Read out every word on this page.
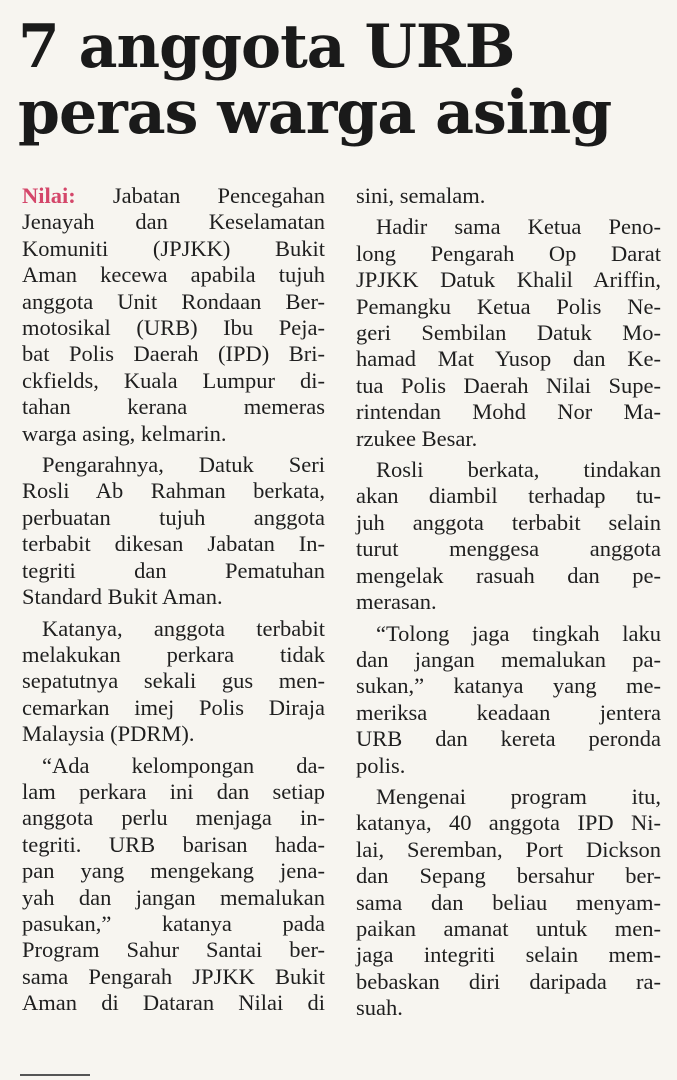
7 anggota URB
peras warga asing

Nilai: Jabatan Pencegahan
Jenayah dan Keselamatan
Komuniti (JPJKK) Bukit
Aman kecewa apabila tujuh
anggota Unit Rondaan Ber-
motosikal (URB) Ibu Peja-
bat Polis Daerah (IPD) Bri-
ckfields, Kuala Lumpur di-
tahan kerana memeras
warga asing, kelmarin.

Pengarahnya, Datuk Seri
Rosli Ab Rahman berkata,
perbuatan tujuh anggota
terbabit dikesan Jabatan In-
tegriti dan Pematuhan
Standard Bukit Aman.

Katanya, anggota terbabit
melakukan perkara tidak
sepatutnya sekali gus men-
cemarkan imej Polis Diraja
Malaysia (PDRM).

“Ada kelompongan da-
lam perkara ini dan setiap
anggota perlu menjaga in-
tegriti. URB barisan hada-
pan yang mengekang jena-
yah dan jangan memalukan
pasukan,” katanya pada
Program Sahur Santai ber-
sama Pengarah JPJKK Bukit
Aman di Dataran Nilai di

sini, semalam.

Hadir sama Ketua Peno-
long Pengarah Op Darat
JPJKK Datuk Khalil Ariffin,
Pemangku Ketua Polis Ne-
geri Sembilan Datuk Mo-
hamad Mat Yusop dan Ke-
tua Polis Daerah Nilai Supe-
rintendan Mohd Nor Ma-
rzukee Besar.

Rosli berkata, tindakan
akan diambil terhadap tu-
juh anggota terbabit selain
turut menggesa anggota
mengelak rasuah dan pe-
merasan.

“Tolong jaga tingkah laku
dan jangan memalukan pa-
sukan,” katanya yang me-
meriksa keadaan jentera
URB dan kereta peronda
polis.

Mengenai program itu,
katanya, 40 anggota IPD Ni-
lai, Seremban, Port Dickson
dan Sepang bersahur ber-
sama dan beliau menyam-
paikan amanat untuk men-
jaga integriti selain mem-
bebaskan diri daripada ra-
suah.
